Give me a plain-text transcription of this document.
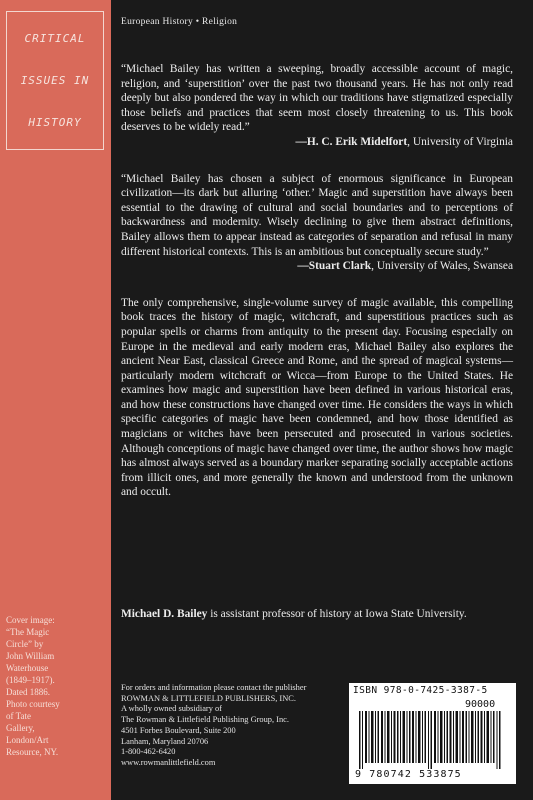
CRITICAL
ISSUES IN
HISTORY
Cover image:
“The Magic
Circle” by
John William
Waterhouse
(1849–1917).
Dated 1886.
Photo courtesy
of Tate
Gallery,
London/Art
Resource, NY.
European History • Religion

“Michael Bailey has written a sweeping, broadly accessible account of magic, religion, and ‘superstition’ over the past two thousand years. He has not only read deeply but also pondered the way in which our traditions have stigmatized especially those beliefs and practices that seem most closely threatening to us. This book deserves to be widely read.”

—H. C. Erik Midelfort, University of Virginia

“Michael Bailey has chosen a subject of enormous significance in European civilization—its dark but alluring ‘other.’ Magic and superstition have always been essential to the drawing of cultural and social boundaries and to perceptions of backwardness and modernity. Wisely declining to give them abstract definitions, Bailey allows them to appear instead as categories of separation and refusal in many different historical contexts. This is an ambitious but conceptually secure study.”

—Stuart Clark, University of Wales, Swansea

The only comprehensive, single-volume survey of magic available, this compelling book traces the history of magic, witchcraft, and superstitious practices such as popular spells or charms from antiquity to the present day. Focusing especially on Europe in the medieval and early modern eras, Michael Bailey also explores the ancient Near East, classical Greece and Rome, and the spread of magical systems—particularly modern witchcraft or Wicca—from Europe to the United States. He examines how magic and superstition have been defined in various historical eras, and how these constructions have changed over time. He considers the ways in which specific categories of magic have been condemned, and how those identified as magicians or witches have been persecuted and prosecuted in various societies. Although conceptions of magic have changed over time, the author shows how magic has almost always served as a boundary marker separating socially acceptable actions from illicit ones, and more generally the known and understood from the unknown and occult.

Michael D. Bailey is assistant professor of history at Iowa State University.

For orders and information please contact the publisher
ROWMAN & LITTLEFIELD PUBLISHERS, INC.
A wholly owned subsidiary of
The Rowman & Littlefield Publishing Group, Inc.
4501 Forbes Boulevard, Suite 200
Lanham, Maryland 20706
1-800-462-6420
www.rowmanlittlefield.com
ISBN 978-0-7425-3387-5
90000
9 780742 533875
